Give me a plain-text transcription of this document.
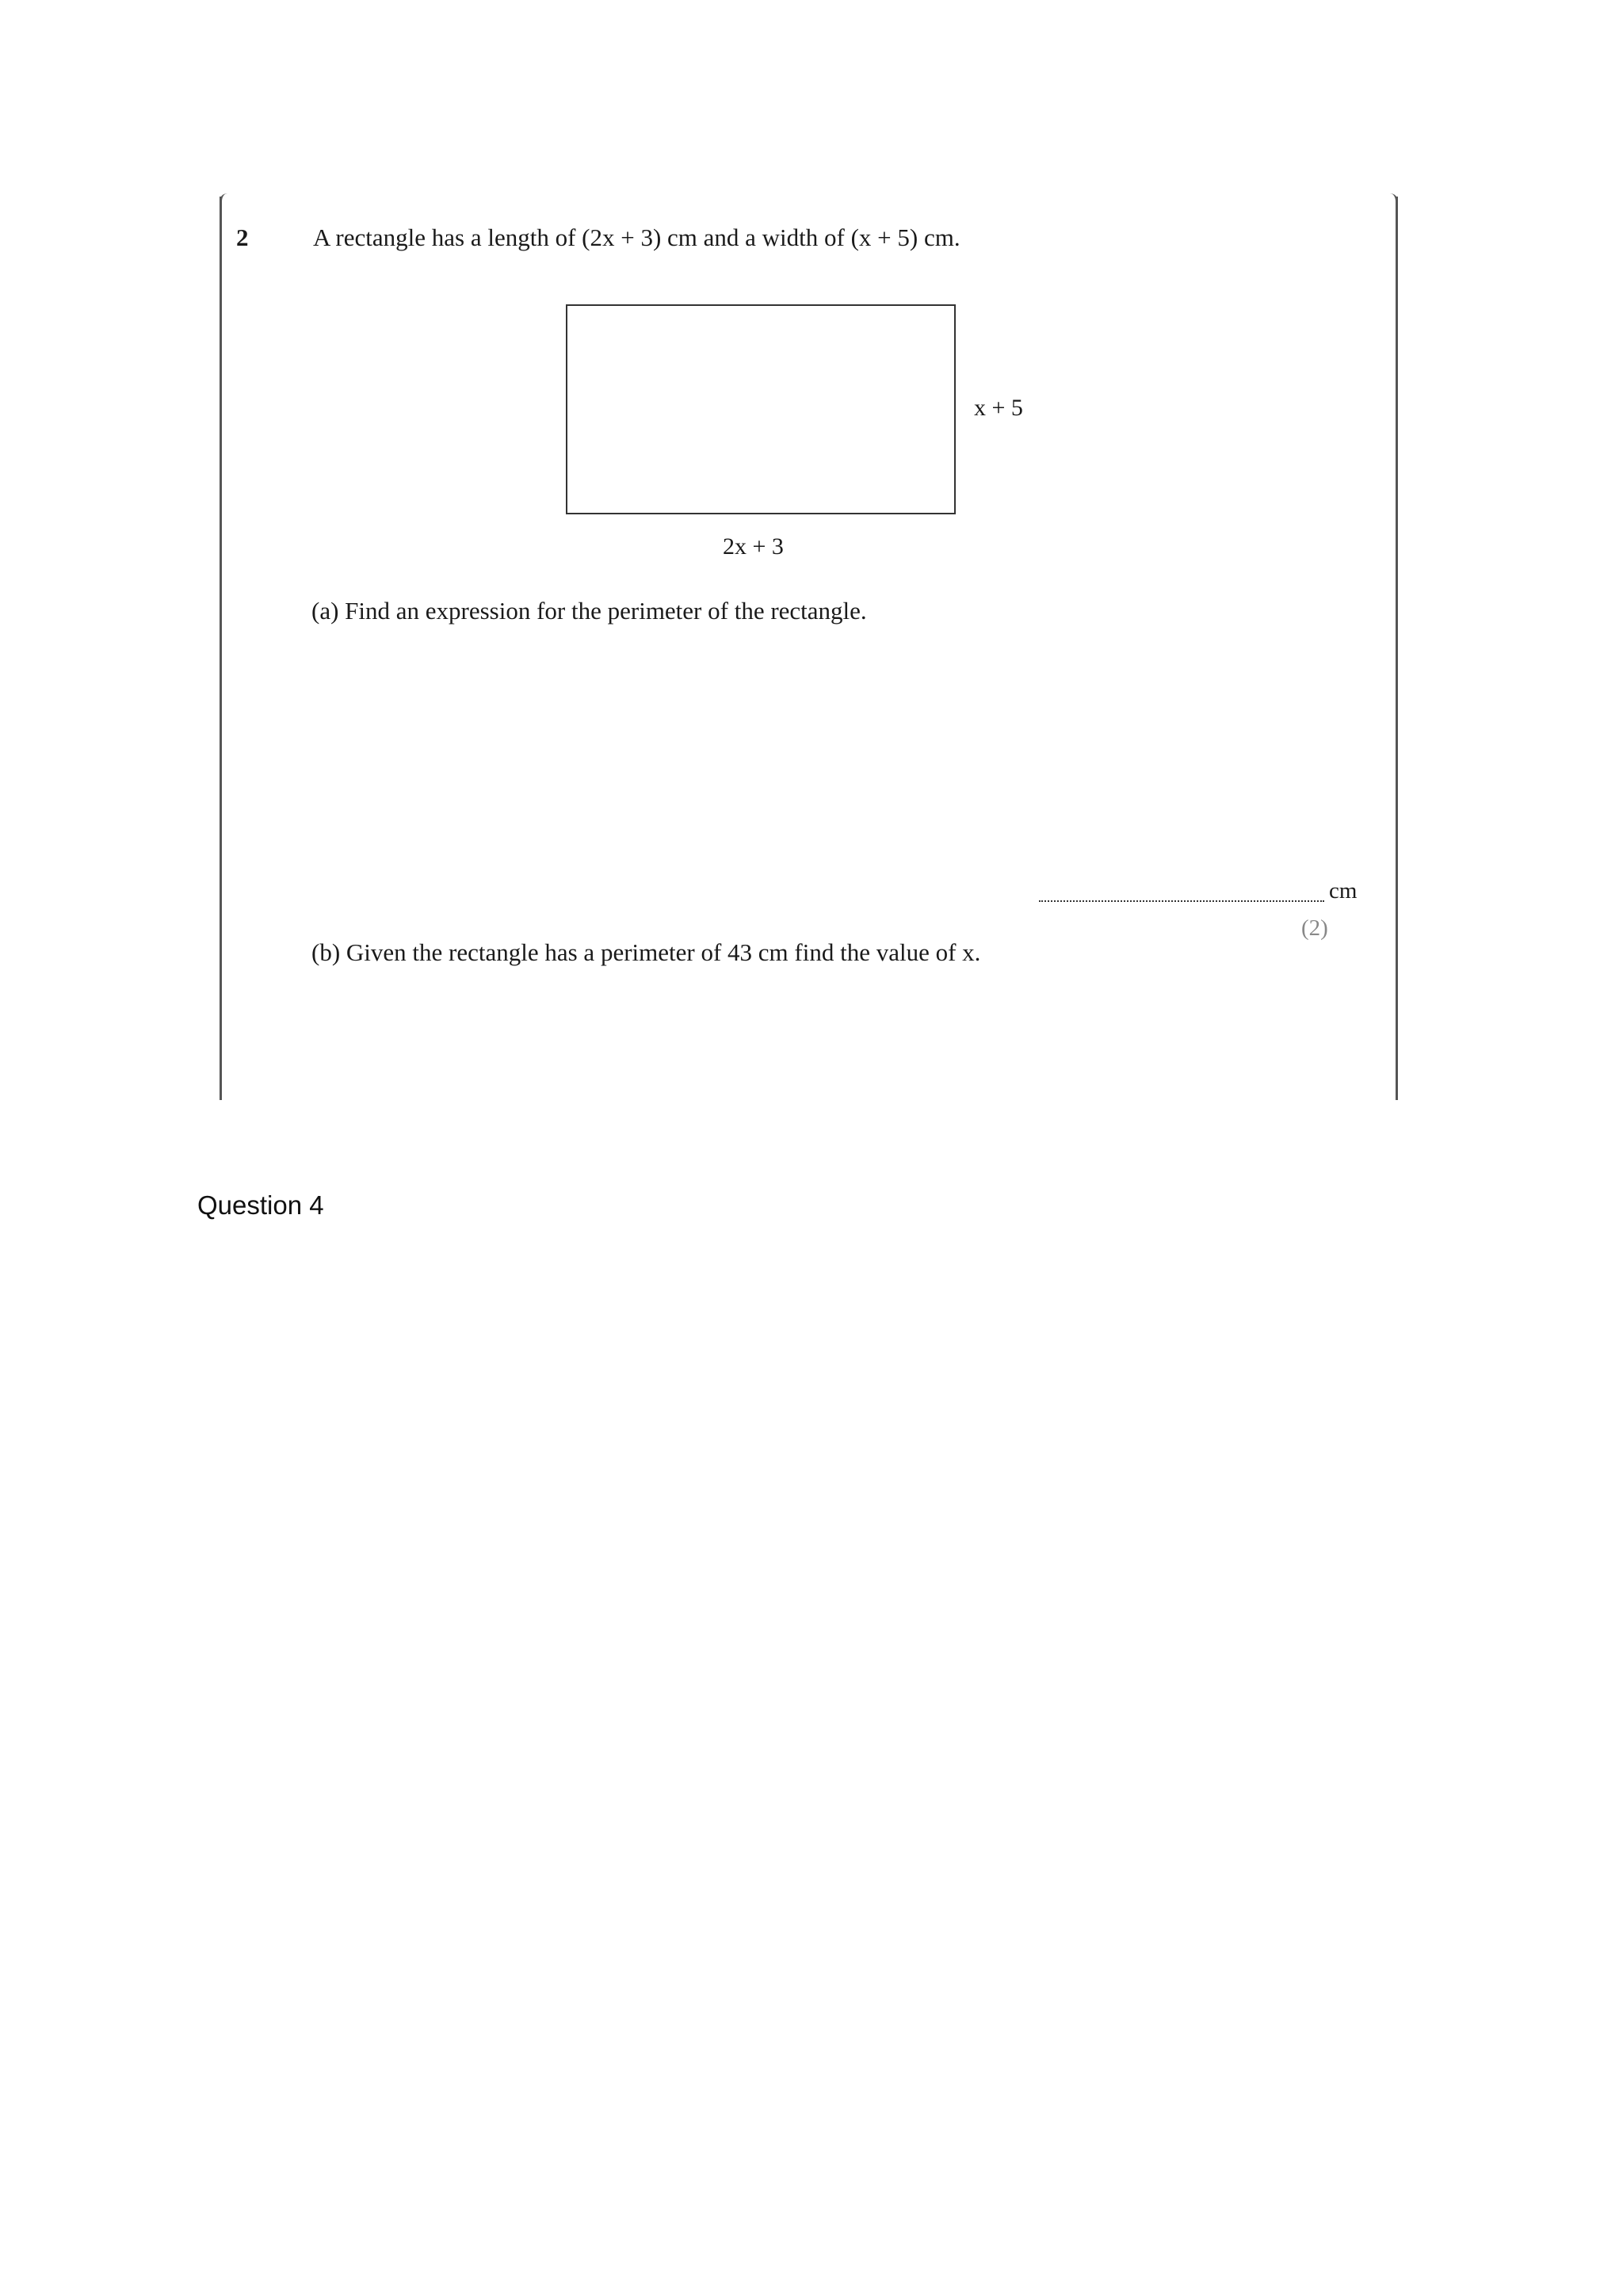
2	A rectangle has a length of (2x + 3) cm and a width of (x + 5) cm.
x + 5
2x + 3
(a) Find an expression for the perimeter of the rectangle.
cm
(2)
(b) Given the rectangle has a perimeter of 43 cm find the value of x.
Question 4
